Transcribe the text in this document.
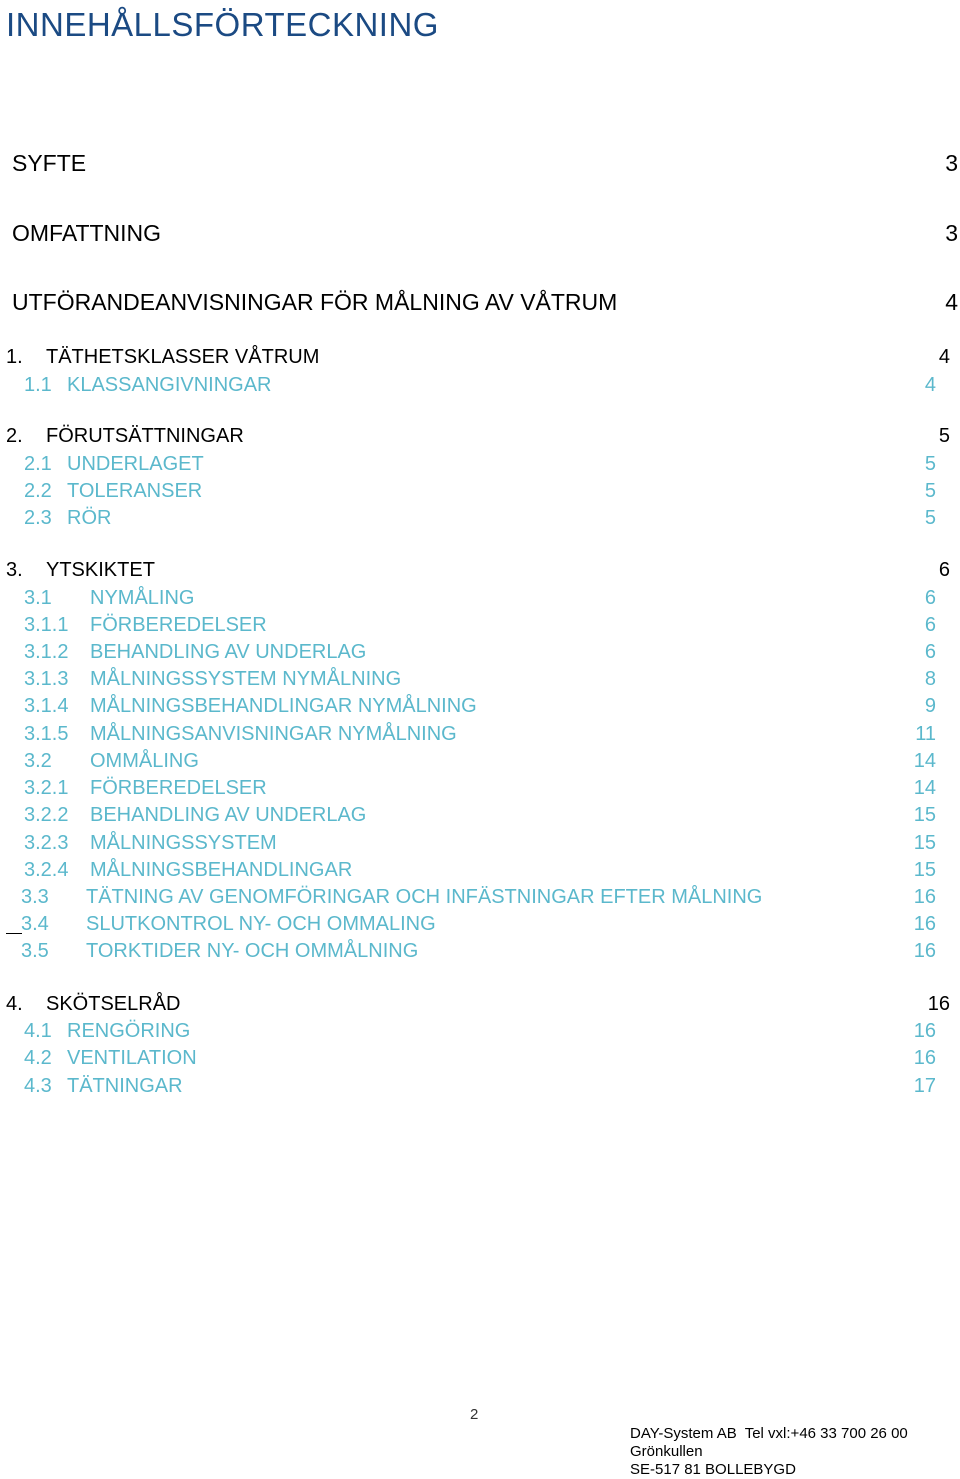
INNEHÅLLSFÖRTECKNING
SYFTE	3
OMFATTNING	3
UTFÖRANDEANVISNINGAR FÖR MÅLNING AV VÅTRUM	4
1. TÄTHETSKLASSER VÅTRUM	4
1.1 KLASSANGIVNINGAR	4
2. FÖRUTSÄTTNINGAR	5
2.1 UNDERLAGET	5
2.2 TOLERANSER	5
2.3 RÖR	5
3. YTSKIKTET	6
3.1 NYMÅLING	6
3.1.1 FÖRBEREDELSER	6
3.1.2 BEHANDLING AV UNDERLAG	6
3.1.3 MÅLNINGSSYSTEM NYMÅLNING	8
3.1.4 MÅLNINGSBEHANDLINGAR NYMÅLNING	9
3.1.5 MÅLNINGSANVISNINGAR NYMÅLNING	11
3.2 OMMÅLING	14
3.2.1 FÖRBEREDELSER	14
3.2.2 BEHANDLING AV UNDERLAG	15
3.2.3 MÅLNINGSSYSTEM	15
3.2.4 MÅLNINGSBEHANDLINGAR	15
3.3 TÄTNING AV GENOMFÖRINGAR OCH INFÄSTNINGAR EFTER MÅLNING	16
3.4 SLUTKONTROL NY- OCH OMMALING	16
3.5 TORKTIDER NY- OCH OMMÅLNING	16
4. SKÖTSELRÅD	16
4.1 RENGÖRING	16
4.2 VENTILATION	16
4.3 TÄTNINGAR	17
2
DAY-System AB Tel vxl:+46 33 700 26 00
Grönkullen
SE-517 81 BOLLEBYGD
